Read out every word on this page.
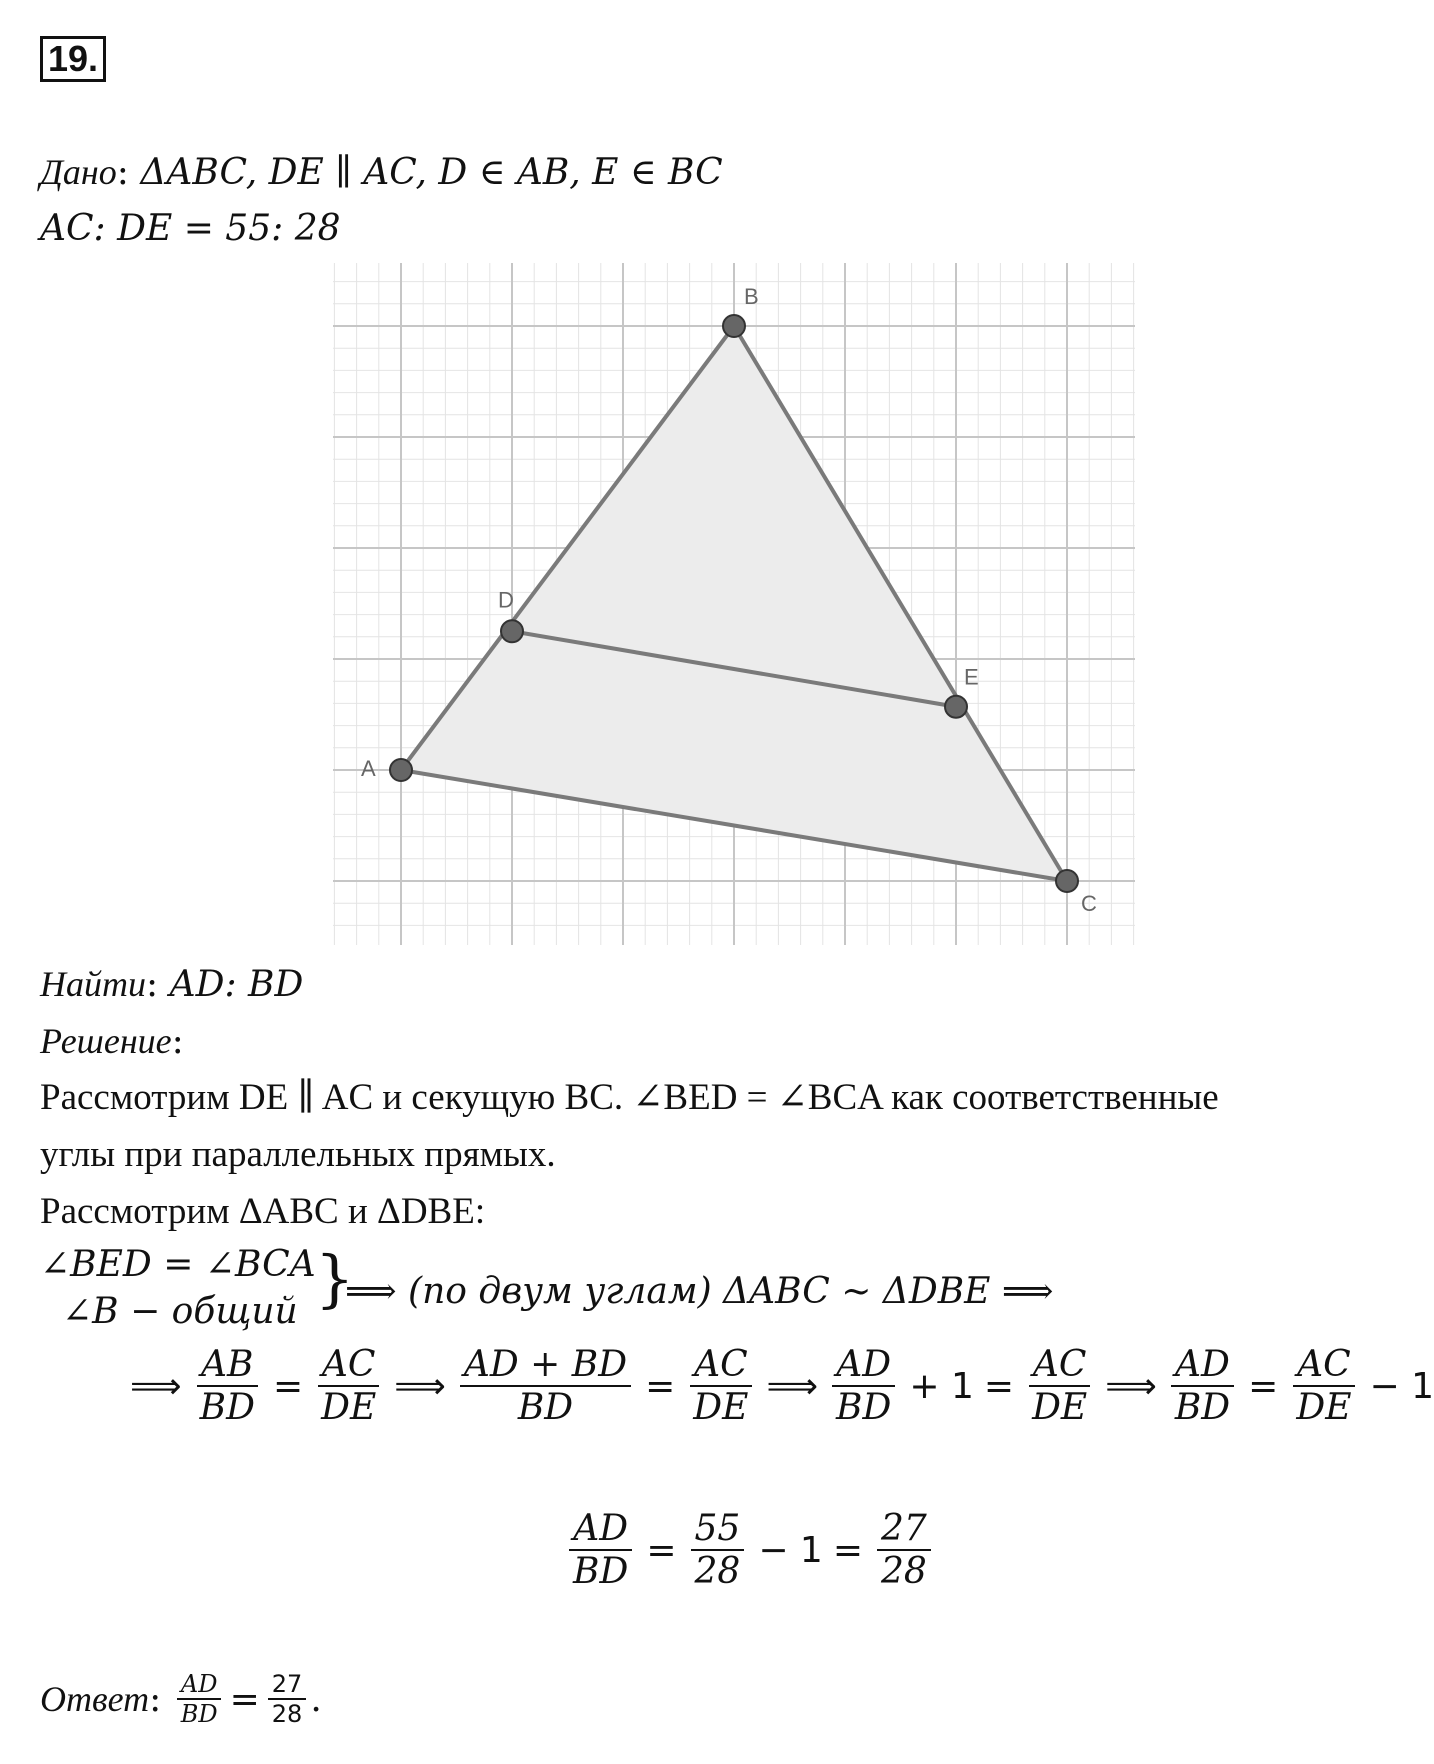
19.
Дано: ΔABC, DE ∥ AC, D ∈ AB, E ∈ BC
AC: DE = 55: 28
A
B
C
D
E
Найти: AD: BD
Решение:
Рассмотрим DE ∥ AC и секущую BC. ∠BED = ∠BCA как соответственные
углы при параллельных прямых.
Рассмотрим ΔABC и ΔDBE:
∠BED = ∠BCA
∠B − общий }
⟹ (по двум углам) ΔABC ~ ΔDBE ⟹
⟹ $\frac{AB}{BD} = \frac{AC}{DE}$ ⟹ $\frac{AD + BD}{BD} = \frac{AC}{DE}$ ⟹ $\frac{AD}{BD} + 1 = \frac{AC}{DE}$ ⟹ $\frac{AD}{BD} = \frac{AC}{DE} - 1$
$\frac{AD}{BD} = \frac{55}{28} - 1 = \frac{27}{28}$
Ответ : $\frac{AD}{BD} = \frac{27}{28}$ .
